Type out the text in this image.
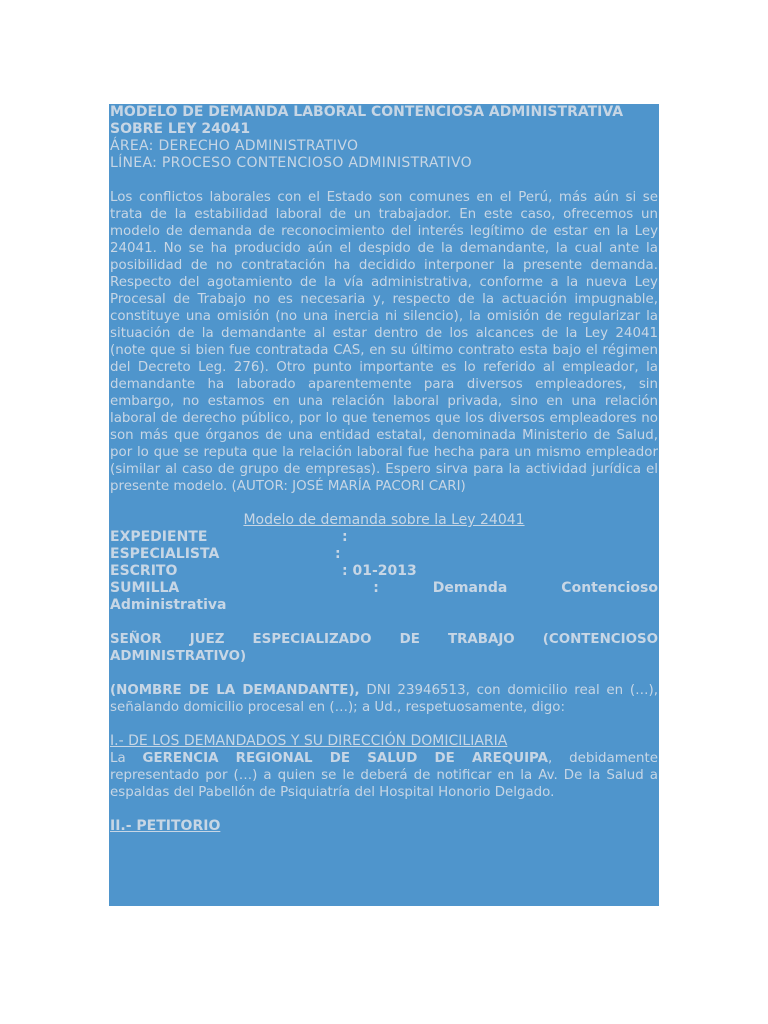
MODELO DE DEMANDA LABORAL CONTENCIOSA ADMINISTRATIVA

SOBRE LEY 24041

ÁREA: DERECHO ADMINISTRATIVO

LÍNEA: PROCESO CONTENCIOSO ADMINISTRATIVO

Los conflictos laborales con el Estado son comunes en el Perú, más aún si se trata de la estabilidad laboral de un trabajador. En este caso, ofrecemos un modelo de demanda de reconocimiento del interés legítimo de estar en la Ley 24041. No se ha producido aún el despido de la demandante, la cual ante la posibilidad de no contratación ha decidido interponer la presente demanda. Respecto del agotamiento de la vía administrativa, conforme a la nueva Ley Procesal de Trabajo no es necesaria y, respecto de la actuación impugnable, constituye una omisión (no una inercia ni silencio), la omisión de regularizar la situación de la demandante al estar dentro de los alcances de la Ley 24041 (note que si bien fue contratada CAS, en su último contrato esta bajo el régimen del Decreto Leg. 276). Otro punto importante es lo referido al empleador, la demandante ha laborado aparentemente para diversos empleadores, sin embargo, no estamos en una relación laboral privada, sino en una relación laboral de derecho público, por lo que tenemos que los diversos empleadores no son más que órganos de una entidad estatal, denominada Ministerio de Salud, por lo que se reputa que la relación laboral fue hecha para un mismo empleador (similar al caso de grupo de empresas). Espero sirva para la actividad jurídica el presente modelo. (AUTOR: JOSÉ MARÍA PACORI CARI)

Modelo de demanda sobre la Ley 24041

EXPEDIENTE	:
ESPECIALISTA	:
ESCRITO	: 01-2013
SUMILLA	:	Demanda	Contencioso
Administrativa

SEÑOR JUEZ ESPECIALIZADO DE TRABAJO (CONTENCIOSO ADMINISTRATIVO)

(NOMBRE DE LA DEMANDANTE), DNI 23946513, con domicilio real en (…), señalando domicilio procesal en (…); a Ud., respetuosamente, digo:

I.- DE LOS DEMANDADOS Y SU DIRECCIÓN DOMICILIARIA

La GERENCIA REGIONAL DE SALUD DE AREQUIPA, debidamente representado por (…) a quien se le deberá de notificar en la Av. De la Salud a espaldas del Pabellón de Psiquiatría del Hospital Honorio Delgado.

II.- PETITORIO
